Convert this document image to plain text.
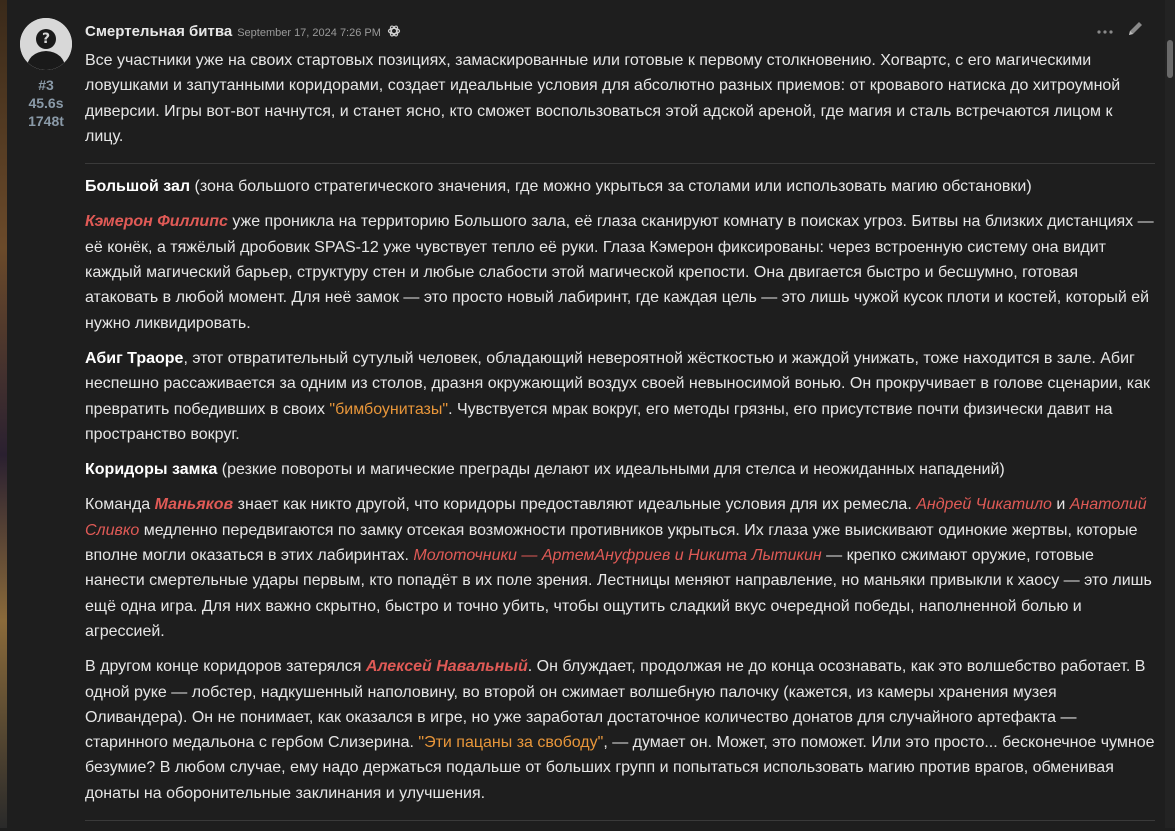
?
#3
45.6s
1748t
Смертельная битва September 17, 2024 7:26 PM

Все участники уже на своих стартовых позициях, замаскированные или готовые к первому столкновению. Хогвартс, с его магическими ловушками и запутанными коридорами, создает идеальные условия для абсолютно разных приемов: от кровавого натиска до хитроумной диверсии. Игры вот-вот начнутся, и станет ясно, кто сможет воспользоваться этой адской ареной, где магия и сталь встречаются лицом к лицу.

Большой зал (зона большого стратегического значения, где можно укрыться за столами или использовать магию обстановки)

Кэмерон Филлипс уже проникла на территорию Большого зала, её глаза сканируют комнату в поисках угроз. Битвы на близких дистанциях — её конёк, а тяжёлый дробовик SPAS-12 уже чувствует тепло её руки. Глаза Кэмерон фиксированы: через встроенную систему она видит каждый магический барьер, структуру стен и любые слабости этой магической крепости. Она двигается быстро и бесшумно, готовая атаковать в любой момент. Для неё замок — это просто новый лабиринт, где каждая цель — это лишь чужой кусок плоти и костей, который ей нужно ликвидировать.

Абиг Траоре, этот отвратительный сутулый человек, обладающий невероятной жёсткостью и жаждой унижать, тоже находится в зале. Абиг неспешно рассаживается за одним из столов, дразня окружающий воздух своей невыносимой вонью. Он прокручивает в голове сценарии, как превратить победивших в своих "бимбоунитазы". Чувствуется мрак вокруг, его методы грязны, его присутствие почти физически давит на пространство вокруг.

Коридоры замка (резкие повороты и магические преграды делают их идеальными для стелса и неожиданных нападений)

Команда Маньяков знает как никто другой, что коридоры предоставляют идеальные условия для их ремесла. Андрей Чикатило и Анатолий Сливко медленно передвигаются по замку отсекая возможности противников укрыться. Их глаза уже выискивают одинокие жертвы, которые вполне могли оказаться в этих лабиринтах. Молоточники — АртемАнуфриев и Никита Лытикин — крепко сжимают оружие, готовые нанести смертельные удары первым, кто попадёт в их поле зрения. Лестницы меняют направление, но маньяки привыкли к хаосу — это лишь ещё одна игра. Для них важно скрытно, быстро и точно убить, чтобы ощутить сладкий вкус очередной победы, наполненной болью и агрессией.

В другом конце коридоров затерялся Алексей Навальный. Он блуждает, продолжая не до конца осознавать, как это волшебство работает. В одной руке — лобстер, надкушенный наполовину, во второй он сжимает волшебную палочку (кажется, из камеры хранения музея Оливандера). Он не понимает, как оказался в игре, но уже заработал достаточное количество донатов для случайного артефакта — старинного медальона с гербом Слизерина. "Эти пацаны за свободу", — думает он. Может, это поможет. Или это просто... бесконечное чумное безумие? В любом случае, ему надо держаться подальше от больших групп и попытаться использовать магию против врагов, обменивая донаты на оборонительные заклинания и улучшения.
